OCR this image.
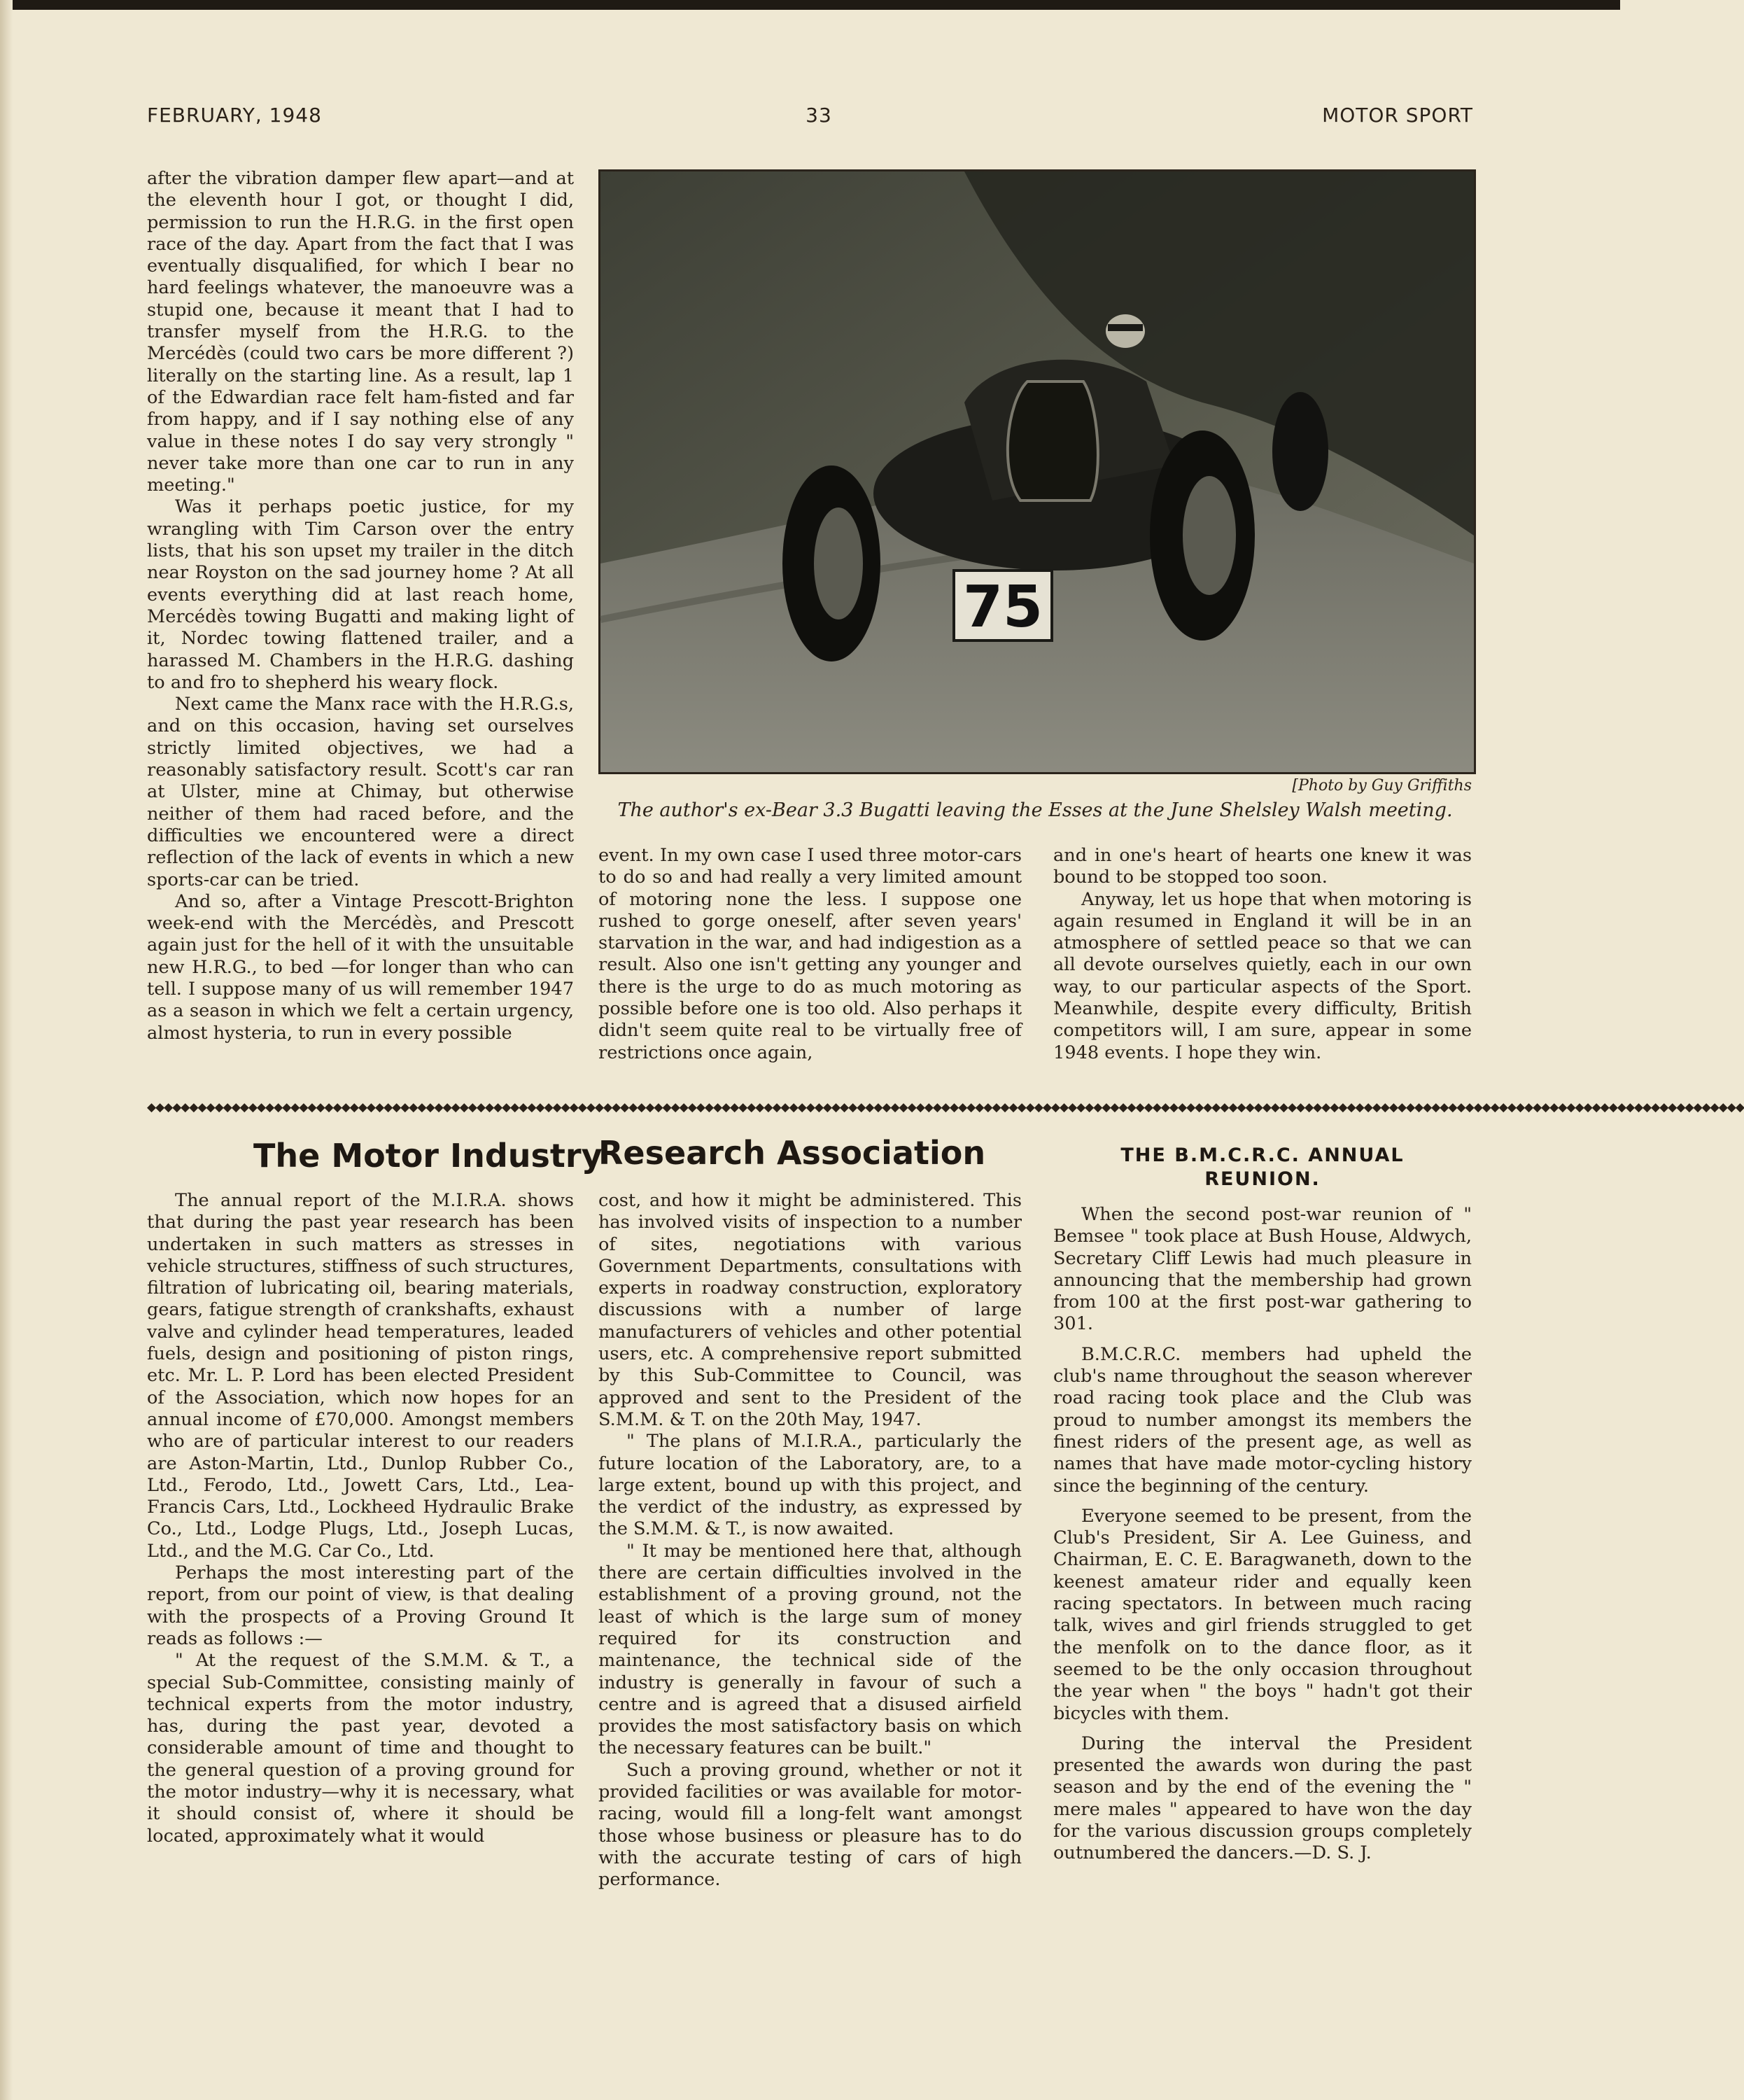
FEBRUARY, 1948	33	MOTOR SPORT

after the vibration damper flew apart—and at the eleventh hour I got, or thought I did, permission to run the H.R.G. in the first open race of the day. Apart from the fact that I was eventually disqualified, for which I bear no hard feelings whatever, the manoeuvre was a stupid one, because it meant that I had to transfer myself from the H.R.G. to the Mercédès (could two cars be more different ?) literally on the starting line. As a result, lap 1 of the Edwardian race felt ham-fisted and far from happy, and if I say nothing else of any value in these notes I do say very strongly " never take more than one car to run in any meeting."

Was it perhaps poetic justice, for my wrangling with Tim Carson over the entry lists, that his son upset my trailer in the ditch near Royston on the sad journey home ? At all events everything did at last reach home, Mercédès towing Bugatti and making light of it, Nordec towing flattened trailer, and a harassed M. Chambers in the H.R.G. dashing to and fro to shepherd his weary flock.

Next came the Manx race with the H.R.G.s, and on this occasion, having set ourselves strictly limited objectives, we had a reasonably satisfactory result. Scott's car ran at Ulster, mine at Chimay, but otherwise neither of them had raced before, and the difficulties we encountered were a direct reflection of the lack of events in which a new sports-car can be tried.

And so, after a Vintage Prescott-Brighton week-end with the Mercédès, and Prescott again just for the hell of it with the unsuitable new H.R.G., to bed —for longer than who can tell. I suppose many of us will remember 1947 as a season in which we felt a certain urgency, almost hysteria, to run in every possible

75
[Photo by Guy Griffiths
The author's ex-Bear 3.3 Bugatti leaving the Esses at the June Shelsley Walsh meeting.

event. In my own case I used three motor-cars to do so and had really a very limited amount of motoring none the less. I suppose one rushed to gorge oneself, after seven years' starvation in the war, and had indigestion as a result. Also one isn't getting any younger and there is the urge to do as much motoring as possible before one is too old. Also perhaps it didn't seem quite real to be virtually free of restrictions once again,

and in one's heart of hearts one knew it was bound to be stopped too soon.

Anyway, let us hope that when motoring is again resumed in England it will be in an atmosphere of settled peace so that we can all devote ourselves quietly, each in our own way, to our particular aspects of the Sport. Meanwhile, despite every difficulty, British competitors will, I am sure, appear in some 1948 events. I hope they win.

◆◆◆◆◆◆◆◆◆◆◆◆◆◆◆◆◆◆◆◆◆◆◆◆◆◆◆◆◆◆◆◆◆◆◆◆◆◆◆◆◆◆◆◆◆◆◆◆◆◆◆◆◆◆◆◆◆◆◆◆◆◆◆◆◆◆◆◆◆◆◆◆◆◆◆◆◆◆◆◆◆◆◆◆◆◆◆◆◆◆◆◆◆◆◆◆◆◆◆◆◆◆◆◆◆◆◆◆◆◆◆◆◆◆◆◆◆◆◆◆◆◆◆◆◆◆◆◆◆◆◆◆◆◆◆◆◆◆◆◆◆◆◆◆◆◆◆◆◆◆◆◆◆◆◆◆◆◆◆◆◆◆◆◆◆◆◆◆◆◆◆◆◆◆◆◆◆◆◆◆◆◆◆◆◆◆◆◆◆
The Motor Industry
Research Association

The annual report of the M.I.R.A. shows that during the past year research has been undertaken in such matters as stresses in vehicle structures, stiffness of such structures, filtration of lubricating oil, bearing materials, gears, fatigue strength of crankshafts, exhaust valve and cylinder head temperatures, leaded fuels, design and positioning of piston rings, etc. Mr. L. P. Lord has been elected President of the Association, which now hopes for an annual income of £70,000. Amongst members who are of particular interest to our readers are Aston-Martin, Ltd., Dunlop Rubber Co., Ltd., Ferodo, Ltd., Jowett Cars, Ltd., Lea-Francis Cars, Ltd., Lockheed Hydraulic Brake Co., Ltd., Lodge Plugs, Ltd., Joseph Lucas, Ltd., and the M.G. Car Co., Ltd.

Perhaps the most interesting part of the report, from our point of view, is that dealing with the prospects of a Proving Ground It reads as follows :—

" At the request of the S.M.M. & T., a special Sub-Committee, consisting mainly of technical experts from the motor industry, has, during the past year, devoted a considerable amount of time and thought to the general question of a proving ground for the motor industry—why it is necessary, what it should consist of, where it should be located, approximately what it would

cost, and how it might be administered. This has involved visits of inspection to a number of sites, negotiations with various Government Departments, consultations with experts in roadway construction, exploratory discussions with a number of large manufacturers of vehicles and other potential users, etc. A comprehensive report submitted by this Sub-Committee to Council, was approved and sent to the President of the S.M.M. & T. on the 20th May, 1947.

" The plans of M.I.R.A., particularly the future location of the Laboratory, are, to a large extent, bound up with this project, and the verdict of the industry, as expressed by the S.M.M. & T., is now awaited.

" It may be mentioned here that, although there are certain difficulties involved in the establishment of a proving ground, not the least of which is the large sum of money required for its construction and maintenance, the technical side of the industry is generally in favour of such a centre and is agreed that a disused airfield provides the most satisfactory basis on which the necessary features can be built."

Such a proving ground, whether or not it provided facilities or was available for motor-racing, would fill a long-felt want amongst those whose business or pleasure has to do with the accurate testing of cars of high performance.

THE B.M.C.R.C. ANNUAL
REUNION.

When the second post-war reunion of " Bemsee " took place at Bush House, Aldwych, Secretary Cliff Lewis had much pleasure in announcing that the membership had grown from 100 at the first post-war gathering to 301.

B.M.C.R.C. members had upheld the club's name throughout the season wherever road racing took place and the Club was proud to number amongst its members the finest riders of the present age, as well as names that have made motor-cycling history since the beginning of the century.

Everyone seemed to be present, from the Club's President, Sir A. Lee Guiness, and Chairman, E. C. E. Baragwaneth, down to the keenest amateur rider and equally keen racing spectators. In between much racing talk, wives and girl friends struggled to get the menfolk on to the dance floor, as it seemed to be the only occasion throughout the year when " the boys " hadn't got their bicycles with them.

During the interval the President presented the awards won during the past season and by the end of the evening the " mere males " appeared to have won the day for the various discussion groups completely outnumbered the dancers.—D. S. J.
